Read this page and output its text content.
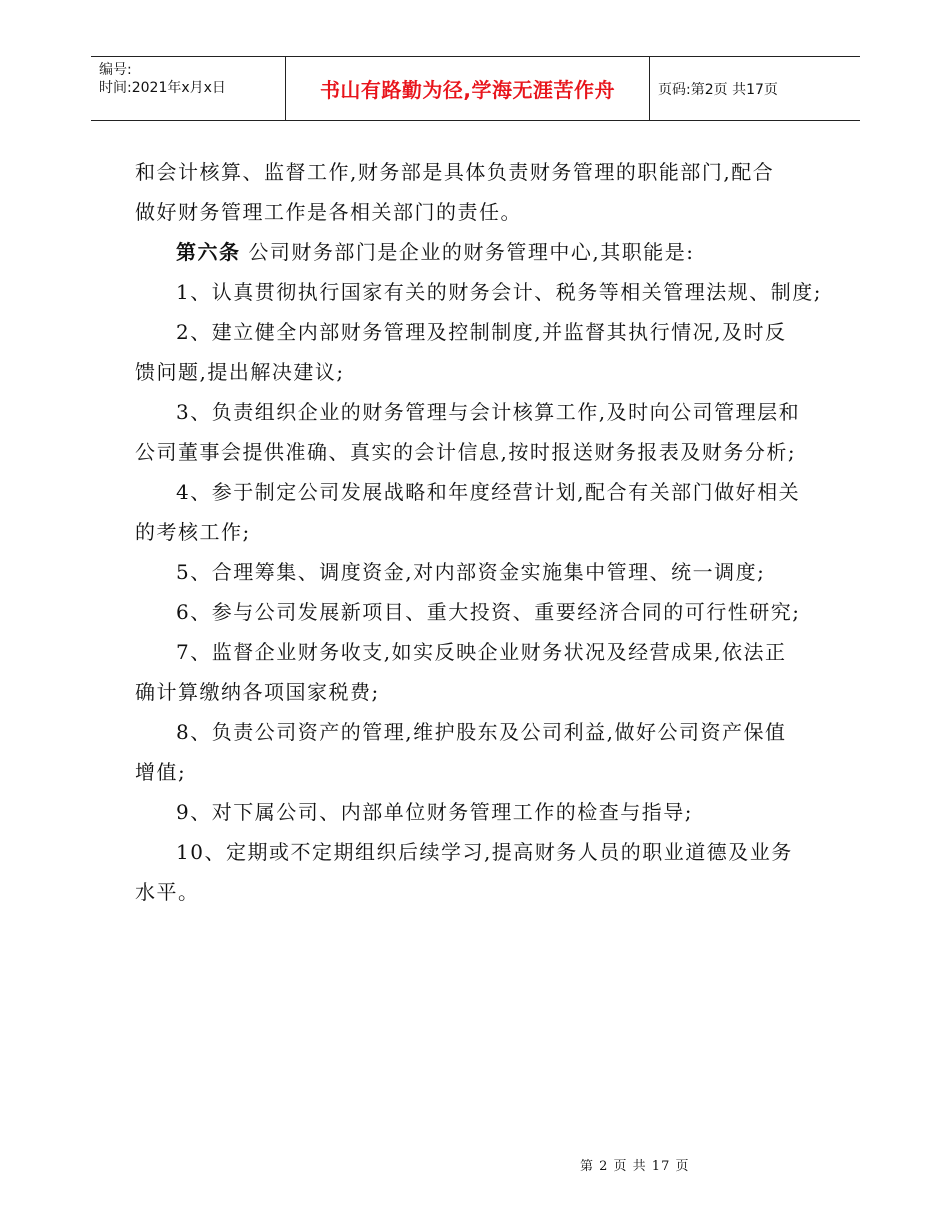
编号:
时间:2021年x月x日	书山有路勤为径,学海无涯苦作舟	页码:第2页 共17页
和会计核算、监督工作,财务部是具体负责财务管理的职能部门,配合
做好财务管理工作是各相关部门的责任。
第六条 公司财务部门是企业的财务管理中心,其职能是:
1、认真贯彻执行国家有关的财务会计、税务等相关管理法规、制度;
2、建立健全内部财务管理及控制制度,并监督其执行情况,及时反
馈问题,提出解决建议;
3、负责组织企业的财务管理与会计核算工作,及时向公司管理层和
公司董事会提供准确、真实的会计信息,按时报送财务报表及财务分析;
4、参于制定公司发展战略和年度经营计划,配合有关部门做好相关
的考核工作;
5、合理筹集、调度资金,对内部资金实施集中管理、统一调度;
6、参与公司发展新项目、重大投资、重要经济合同的可行性研究;
7、监督企业财务收支,如实反映企业财务状况及经营成果,依法正
确计算缴纳各项国家税费;
8、负责公司资产的管理,维护股东及公司利益,做好公司资产保值
增值;
9、对下属公司、内部单位财务管理工作的检查与指导;
10、定期或不定期组织后续学习,提高财务人员的职业道德及业务
水平。
第 2 页 共 17 页
